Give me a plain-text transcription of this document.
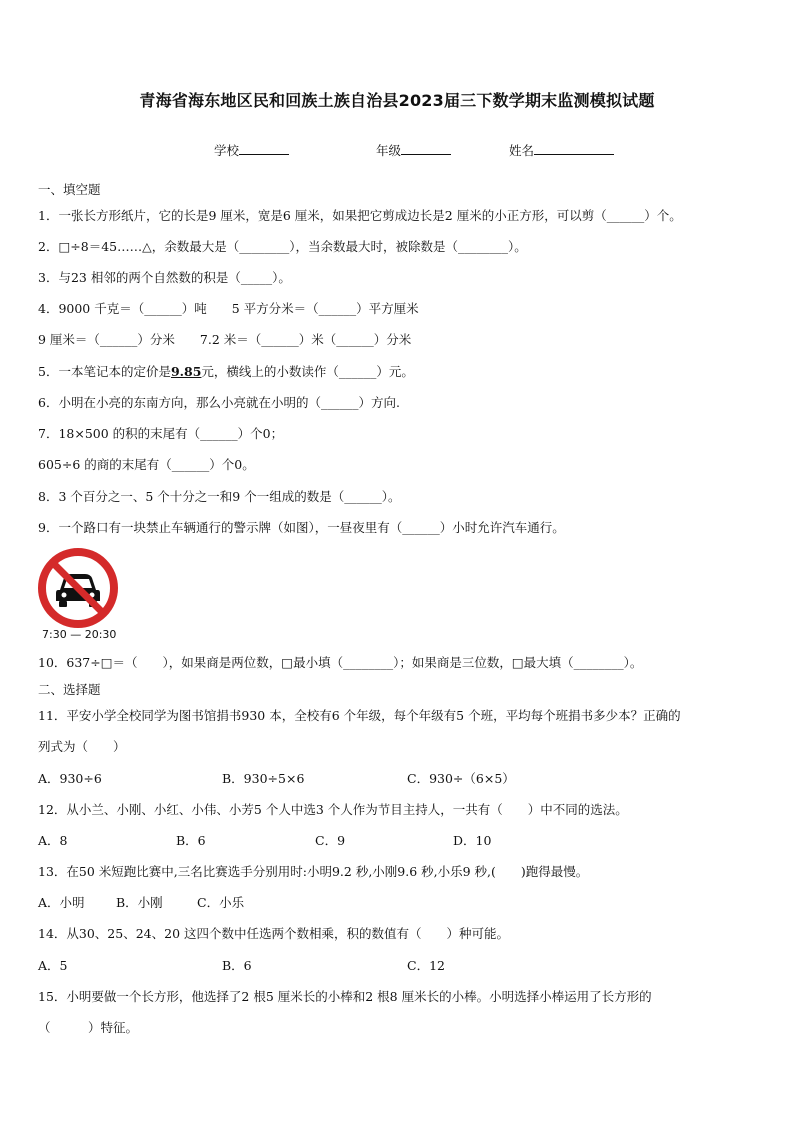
青海省海东地区民和回族土族自治县2023届三下数学期末监测模拟试题
学校	年级	姓名
一、填空题
1．一张长方形纸片，它的长是9 厘米，宽是6 厘米，如果把它剪成边长是2 厘米的小正方形，可以剪（______）个。
2．□÷8＝45……△，余数最大是（________），当余数最大时，被除数是（________）。
3．与23 相邻的两个自然数的积是（_____）。
4．9000 千克＝（______）吨　　5 平方分米＝（______）平方厘米
9 厘米＝（______）分米　　7.2 米＝（______）米（______）分米
5．一本笔记本的定价是9.85元，横线上的小数读作（______）元。
6．小明在小亮的东南方向，那么小亮就在小明的（______）方向.
7．18×500 的积的末尾有（______）个0；
605÷6 的商的末尾有（______）个0。
8．3 个百分之一、5 个十分之一和9 个一组成的数是（______）。
9．一个路口有一块禁止车辆通行的警示牌（如图），一昼夜里有（______）小时允许汽车通行。
7:30 — 20:30
10．637÷□＝（　　），如果商是两位数，□最小填（________）；如果商是三位数，□最大填（________）。
二、选择题
11．平安小学全校同学为图书馆捐书930 本，全校有6 个年级，每个年级有5 个班，平均每个班捐书多少本？正确的
列式为（　　）
A．930÷6	B．930÷5×6	C．930÷（6×5）
12．从小兰、小刚、小红、小伟、小芳5 个人中选3 个人作为节目主持人，一共有（　　）中不同的选法。
A．8	B．6	C．9	D．10
13．在50 米短跑比赛中,三名比赛选手分别用时:小明9.2 秒,小刚9.6 秒,小乐9 秒,(　　)跑得最慢。
A．小明	B．小刚	C．小乐
14．从30、25、24、20 这四个数中任选两个数相乘，积的数值有（　　）种可能。
A．5	B．6	C．12
15．小明要做一个长方形，他选择了2 根5 厘米长的小棒和2 根8 厘米长的小棒。小明选择小棒运用了长方形的
（　　　）特征。
